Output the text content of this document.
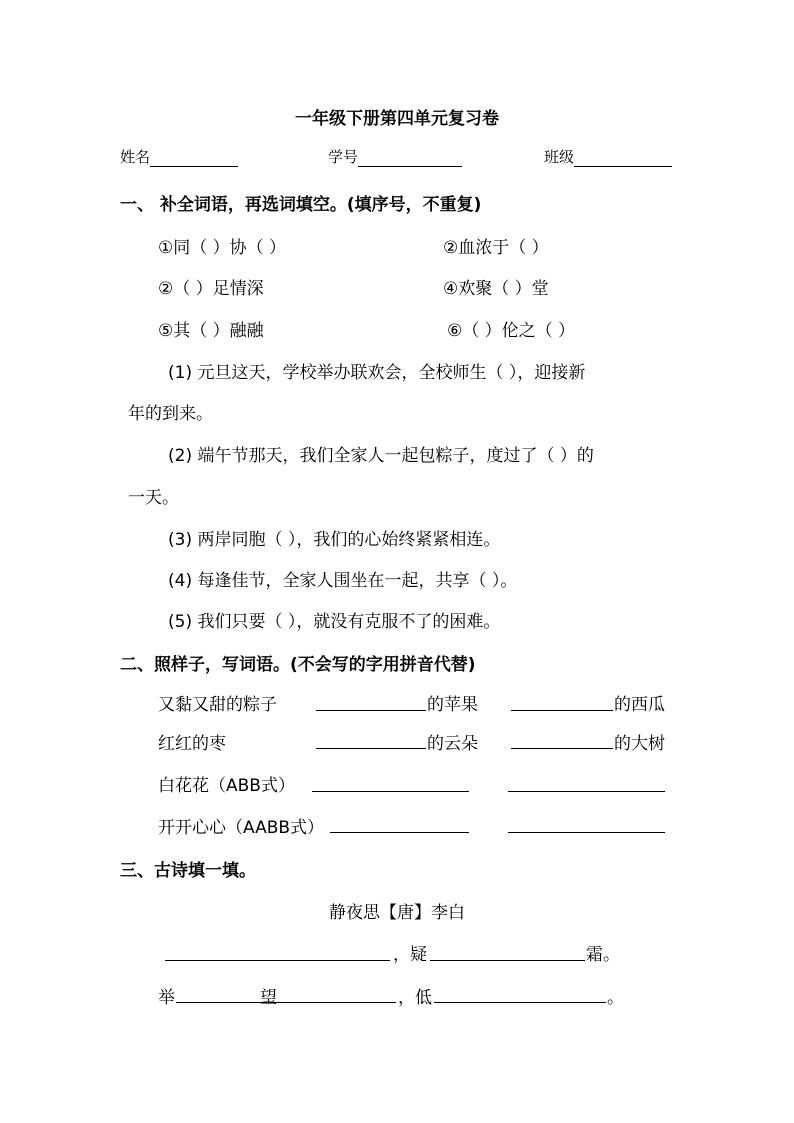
一年级下册第四单元复习卷
姓名	学号	班级
一、 补全词语，再选词填空。(填序号，不重复)
①同（ ）协（ ）	②血浓于（ ）
②（ ）足情深	④欢聚（ ）堂
⑤其（ ）融融	⑥（ ）伦之（ ）
(1) 元旦这天，学校举办联欢会，全校师生（ ），迎接新
年的到来。
(2) 端午节那天，我们全家人一起包粽子，度过了（ ）的
一天。
(3) 两岸同胞（ ），我们的心始终紧紧相连。
(4) 每逢佳节，全家人围坐在一起，共享（ ）。
(5) 我们只要（ ），就没有克服不了的困难。
二、照样子，写词语。(不会写的字用拼音代替)
又黏又甜的粽子	的苹果	的西瓜
红红的枣	的云朵	的大树
白花花（ABB式）
开开心心（AABB式）
三、古诗填一填。
静夜思【唐】李白
，疑	霜。
举	望	，低	。
